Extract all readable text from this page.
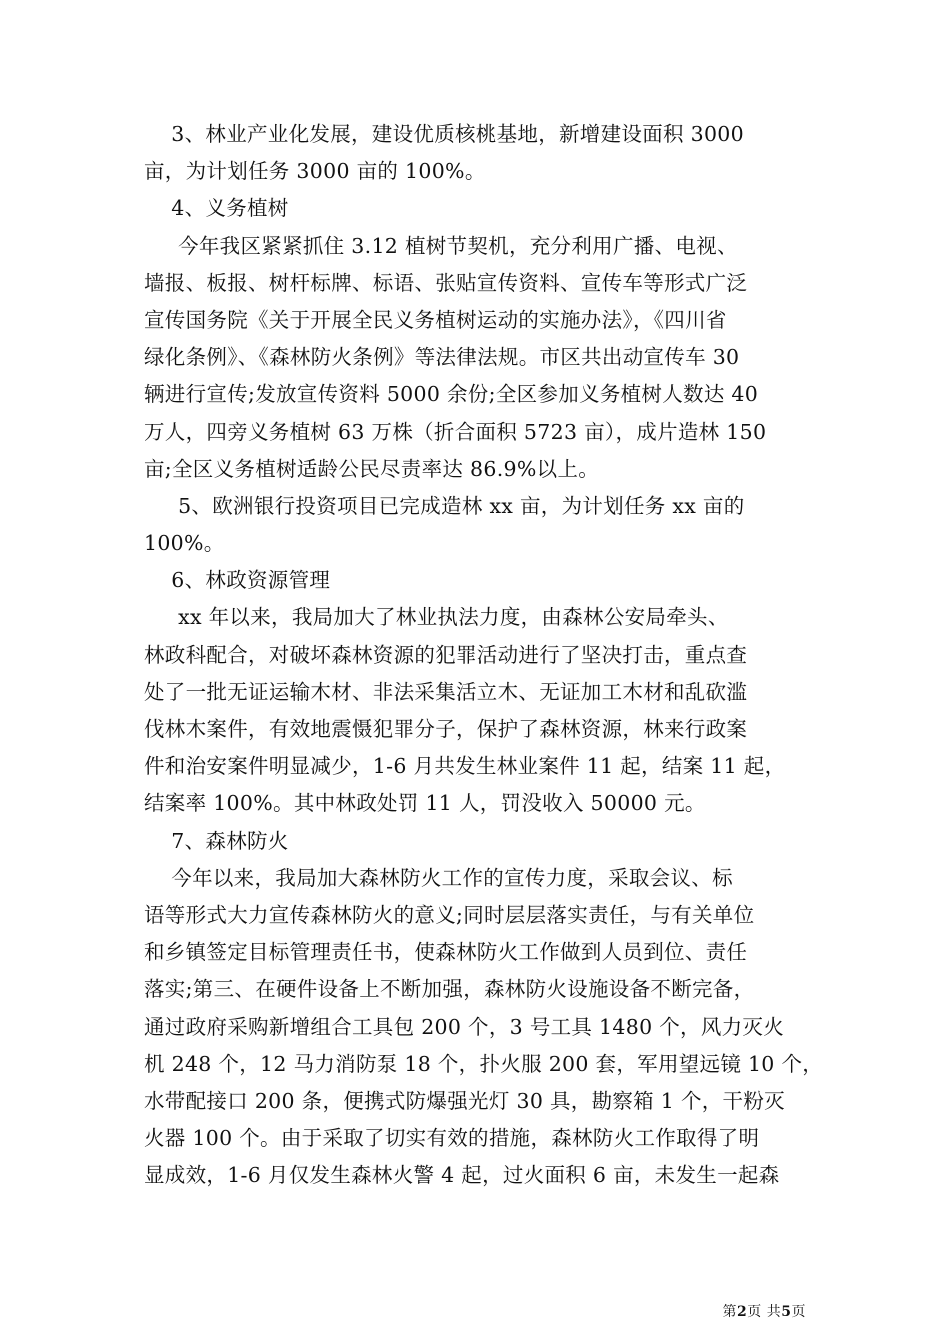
3、林业产业化发展，建设优质核桃基地，新增建设面积 3000
亩，为计划任务 3000 亩的 100%。
4、义务植树
今年我区紧紧抓住 3.12 植树节契机，充分利用广播、电视、
墙报、板报、树杆标牌、标语、张贴宣传资料、宣传车等形式广泛
宣传国务院《关于开展全民义务植树运动的实施办法》，《四川省
绿化条例》、《森林防火条例》等法律法规。市区共出动宣传车 30
辆进行宣传;发放宣传资料 5000 余份;全区参加义务植树人数达 40
万人，四旁义务植树 63 万株（折合面积 5723 亩），成片造林 150
亩;全区义务植树适龄公民尽责率达 86.9%以上。
5、欧洲银行投资项目已完成造林 xx 亩，为计划任务 xx 亩的
100%。
6、林政资源管理
xx 年以来，我局加大了林业执法力度，由森林公安局牵头、
林政科配合，对破坏森林资源的犯罪活动进行了坚决打击，重点查
处了一批无证运输木材、非法采集活立木、无证加工木材和乱砍滥
伐林木案件，有效地震慑犯罪分子，保护了森林资源，林来行政案
件和治安案件明显减少，1-6 月共发生林业案件 11 起，结案 11 起，
结案率 100%。其中林政处罚 11 人，罚没收入 50000 元。
7、森林防火
今年以来，我局加大森林防火工作的宣传力度，采取会议、标
语等形式大力宣传森林防火的意义;同时层层落实责任，与有关单位
和乡镇签定目标管理责任书，使森林防火工作做到人员到位、责任
落实;第三、在硬件设备上不断加强，森林防火设施设备不断完备，
通过政府采购新增组合工具包 200 个，3 号工具 1480 个，风力灭火
机 248 个，12 马力消防泵 18 个，扑火服 200 套，军用望远镜 10 个，
水带配接口 200 条，便携式防爆强光灯 30 具，勘察箱 1 个，干粉灭
火器 100 个。由于采取了切实有效的措施，森林防火工作取得了明
显成效，1-6 月仅发生森林火警 4 起，过火面积 6 亩，未发生一起森
第2页 共5页
